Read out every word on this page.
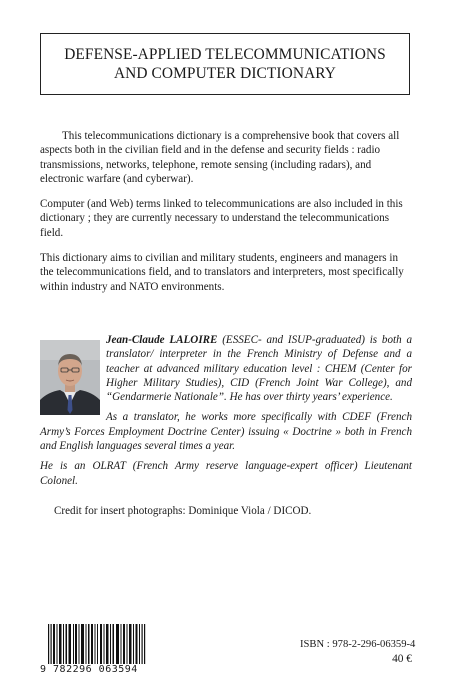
DEFENSE-APPLIED TELECOMMUNICATIONS
AND COMPUTER DICTIONARY

This telecommunications dictionary is a comprehensive book that covers all aspects both in the civilian field and in the defense and security fields : radio transmissions, networks, telephone, remote sensing (including radars), and electronic warfare (and cyberwar).

Computer (and Web) terms linked to telecommunications are also included in this dictionary ; they are currently necessary to understand the telecommunications field.

This dictionary aims to civilian and military students, engineers and managers in the telecommunications field, and to translators and interpreters, most specifically within industry and NATO environments.

Jean-Claude LALOIRE (ESSEC- and ISUP-graduated) is both a translator/ interpreter in the French Ministry of Defense and a teacher at advanced military education level : CHEM (Center for Higher Military Studies), CID (French Joint War College), and “Gendarmerie Nationale”. He has over thirty years’ experience.

As a translator, he works more specifically with CDEF (French Army’s Forces Employment Doctrine Center) issuing « Doctrine » both in French and English languages several times a year.

He is an OLRAT (French Army reserve language-expert officer) Lieutenant Colonel.

Credit for insert photographs: Dominique Viola / DICOD.
9 782296 063594
ISBN : 978-2-296-06359-4
40 €
